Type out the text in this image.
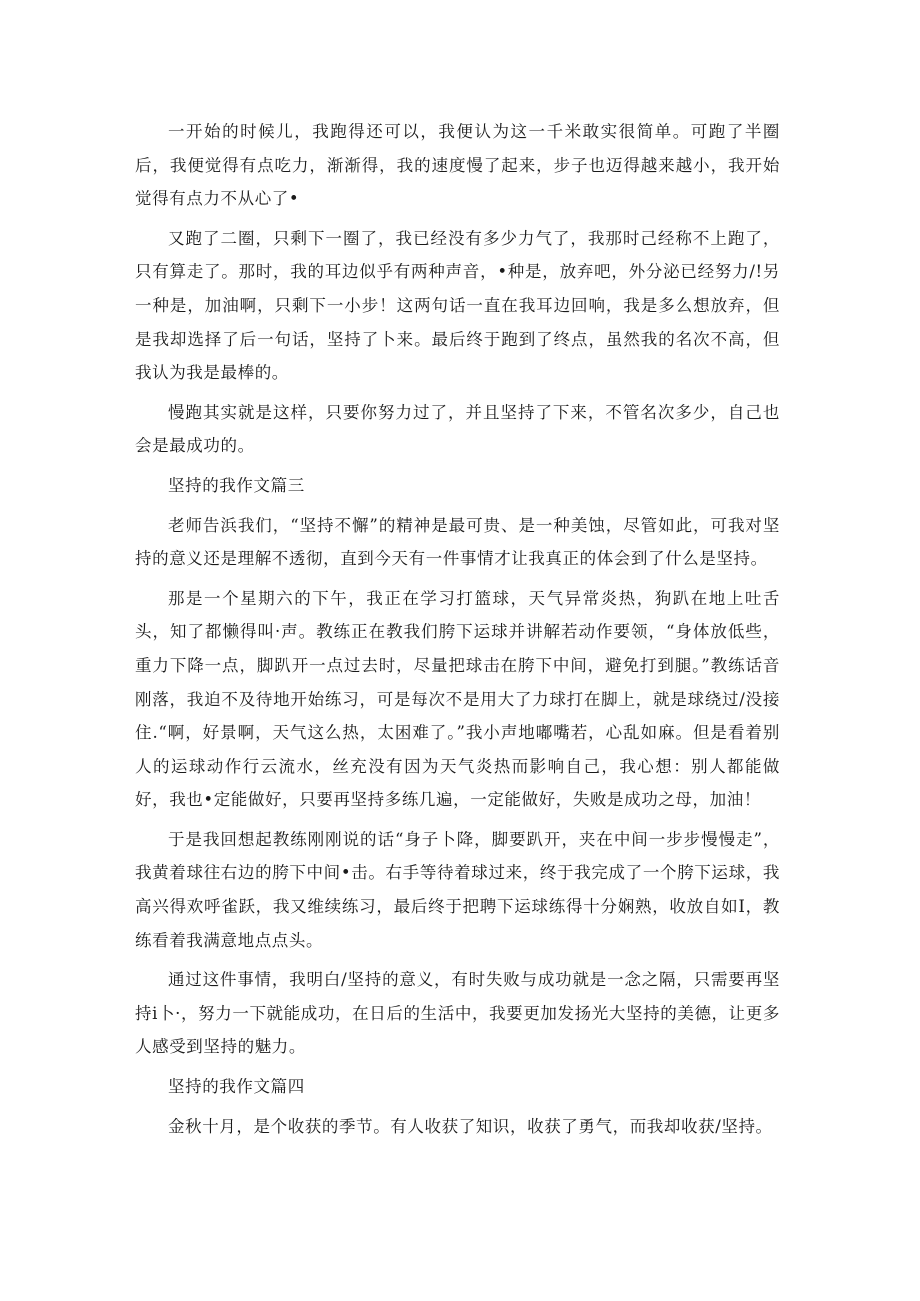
一开始的时候儿，我跑得还可以，我便认为这一千米敢实很简单。可跑了半圈后，我便觉得有点吃力，渐渐得，我的速度慢了起来，步子也迈得越来越小，我开始觉得有点力不从心了•

又跑了二圈，只剩下一圈了，我已经没有多少力气了，我那时己经称不上跑了，只有算走了。那时，我的耳边似乎有两种声音，•种是，放弃吧，外分泌已经努力/!另一种是，加油啊，只剩下一小步！这两句话一直在我耳边回响，我是多么想放弃，但是我却选择了后一句话，坚持了卜来。最后终于跑到了终点，虽然我的名次不高，但我认为我是最棒的。

慢跑其实就是这样，只要你努力过了，并且坚持了下来，不管名次多少，自己也会是最成功的。

坚持的我作文篇三

老师告浜我们，“坚持不懈”的精神是最可贵、是一种美蚀，尽管如此，可我对坚持的意义还是理解不透彻，直到今天有一件事情才让我真正的体会到了什么是坚持。

那是一个星期六的下午，我正在学习打篮球，天气异常炎热，狗趴在地上吐舌头，知了都懒得叫·声。教练正在教我们胯下运球并讲解若动作要领，“身体放低些，重力下降一点，脚趴开一点过去时，尽量把球击在胯下中间，避免打到腿。”教练话音刚落，我迫不及待地开始练习，可是每次不是用大了力球打在脚上，就是球绕过/没接住.“啊，好景啊，天气这么热，太困难了。”我小声地嘟嘴若，心乱如麻。但是看着别人的运球动作行云流水，丝充没有因为天气炎热而影响自己，我心想：别人都能做好，我也•定能做好，只要再坚持多练几遍，一定能做好，失败是成功之母，加油！

于是我回想起教练刚刚说的话“身子卜降，脚要趴开，夹在中间一步步慢慢走”，我黄着球往右边的胯下中间•击。右手等待着球过来，终于我完成了一个胯下运球，我高兴得欢呼雀跃，我又维续练习，最后终于把聘下运球练得十分娴熟，收放自如I，教练看着我满意地点点头。

通过这件事情，我明白/坚持的意义，有时失败与成功就是一念之隔，只需要再坚持i卜·，努力一下就能成功，在日后的生活中，我要更加发扬光大坚持的美德，让更多人感受到坚持的魅力。

坚持的我作文篇四

金秋十月，是个收获的季节。有人收获了知识，收获了勇气，而我却收获/坚持。
